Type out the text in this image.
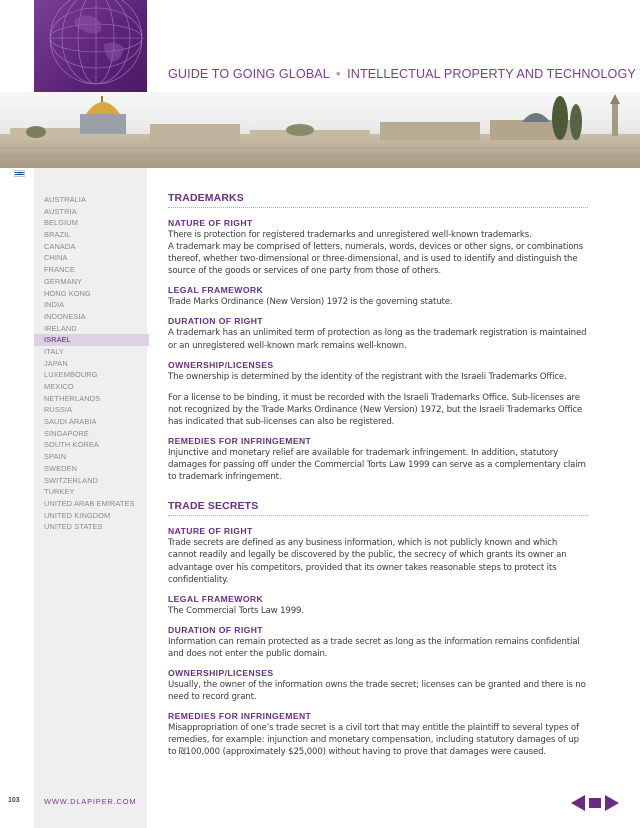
GUIDE TO GOING GLOBAL • INTELLECTUAL PROPERTY AND TECHNOLOGY
AUSTRALIA
AUSTRIA
BELGIUM
BRAZIL
CANADA
CHINA
FRANCE
GERMANY
HONG KONG
INDIA
INDONESIA
IRELAND
ISRAEL
ITALY
JAPAN
LUXEMBOURG
MEXICO
NETHERLANDS
RUSSIA
SAUDI ARABIA
SINGAPORE
SOUTH KOREA
SPAIN
SWEDEN
SWITZERLAND
TURKEY
UNITED ARAB EMIRATES
UNITED KINGDOM
UNITED STATES
TRADEMARKS
NATURE OF RIGHT
There is protection for registered trademarks and unregistered well-known trademarks.
A trademark may be comprised of letters, numerals, words, devices or other signs, or combinations thereof, whether two-dimensional or three-dimensional, and is used to identify and distinguish the source of the goods or services of one party from those of others.
LEGAL FRAMEWORK
Trade Marks Ordinance (New Version) 1972 is the governing statute.
DURATION OF RIGHT
A trademark has an unlimited term of protection as long as the trademark registration is maintained or an unregistered well-known mark remains well-known.
OWNERSHIP/LICENSES
The ownership is determined by the identity of the registrant with the Israeli Trademarks Office.
For a license to be binding, it must be recorded with the Israeli Trademarks Office. Sub-licenses are not recognized by the Trade Marks Ordinance (New Version) 1972, but the Israeli Trademarks Office has indicated that sub-licenses can also be registered.
REMEDIES FOR INFRINGEMENT
Injunctive and monetary relief are available for trademark infringement. In addition, statutory damages for passing off under the Commercial Torts Law 1999 can serve as a complementary claim to trademark infringement.
TRADE SECRETS
NATURE OF RIGHT
Trade secrets are defined as any business information, which is not publicly known and which cannot readily and legally be discovered by the public, the secrecy of which grants its owner an advantage over his competitors, provided that its owner takes reasonable steps to protect its confidentiality.
LEGAL FRAMEWORK
The Commercial Torts Law 1999.
DURATION OF RIGHT
Information can remain protected as a trade secret as long as the information remains confidential and does not enter the public domain.
OWNERSHIP/LICENSES
Usually, the owner of the information owns the trade secret; licenses can be granted and there is no need to record grant.
REMEDIES FOR INFRINGEMENT
Misappropriation of one’s trade secret is a civil tort that may entitle the plaintiff to several types of remedies, for example: injunction and monetary compensation, including statutory damages of up to ₪100,000 (approximately $25,000) without having to prove that damages were caused.
103	WWW.DLAPIPER.COM
